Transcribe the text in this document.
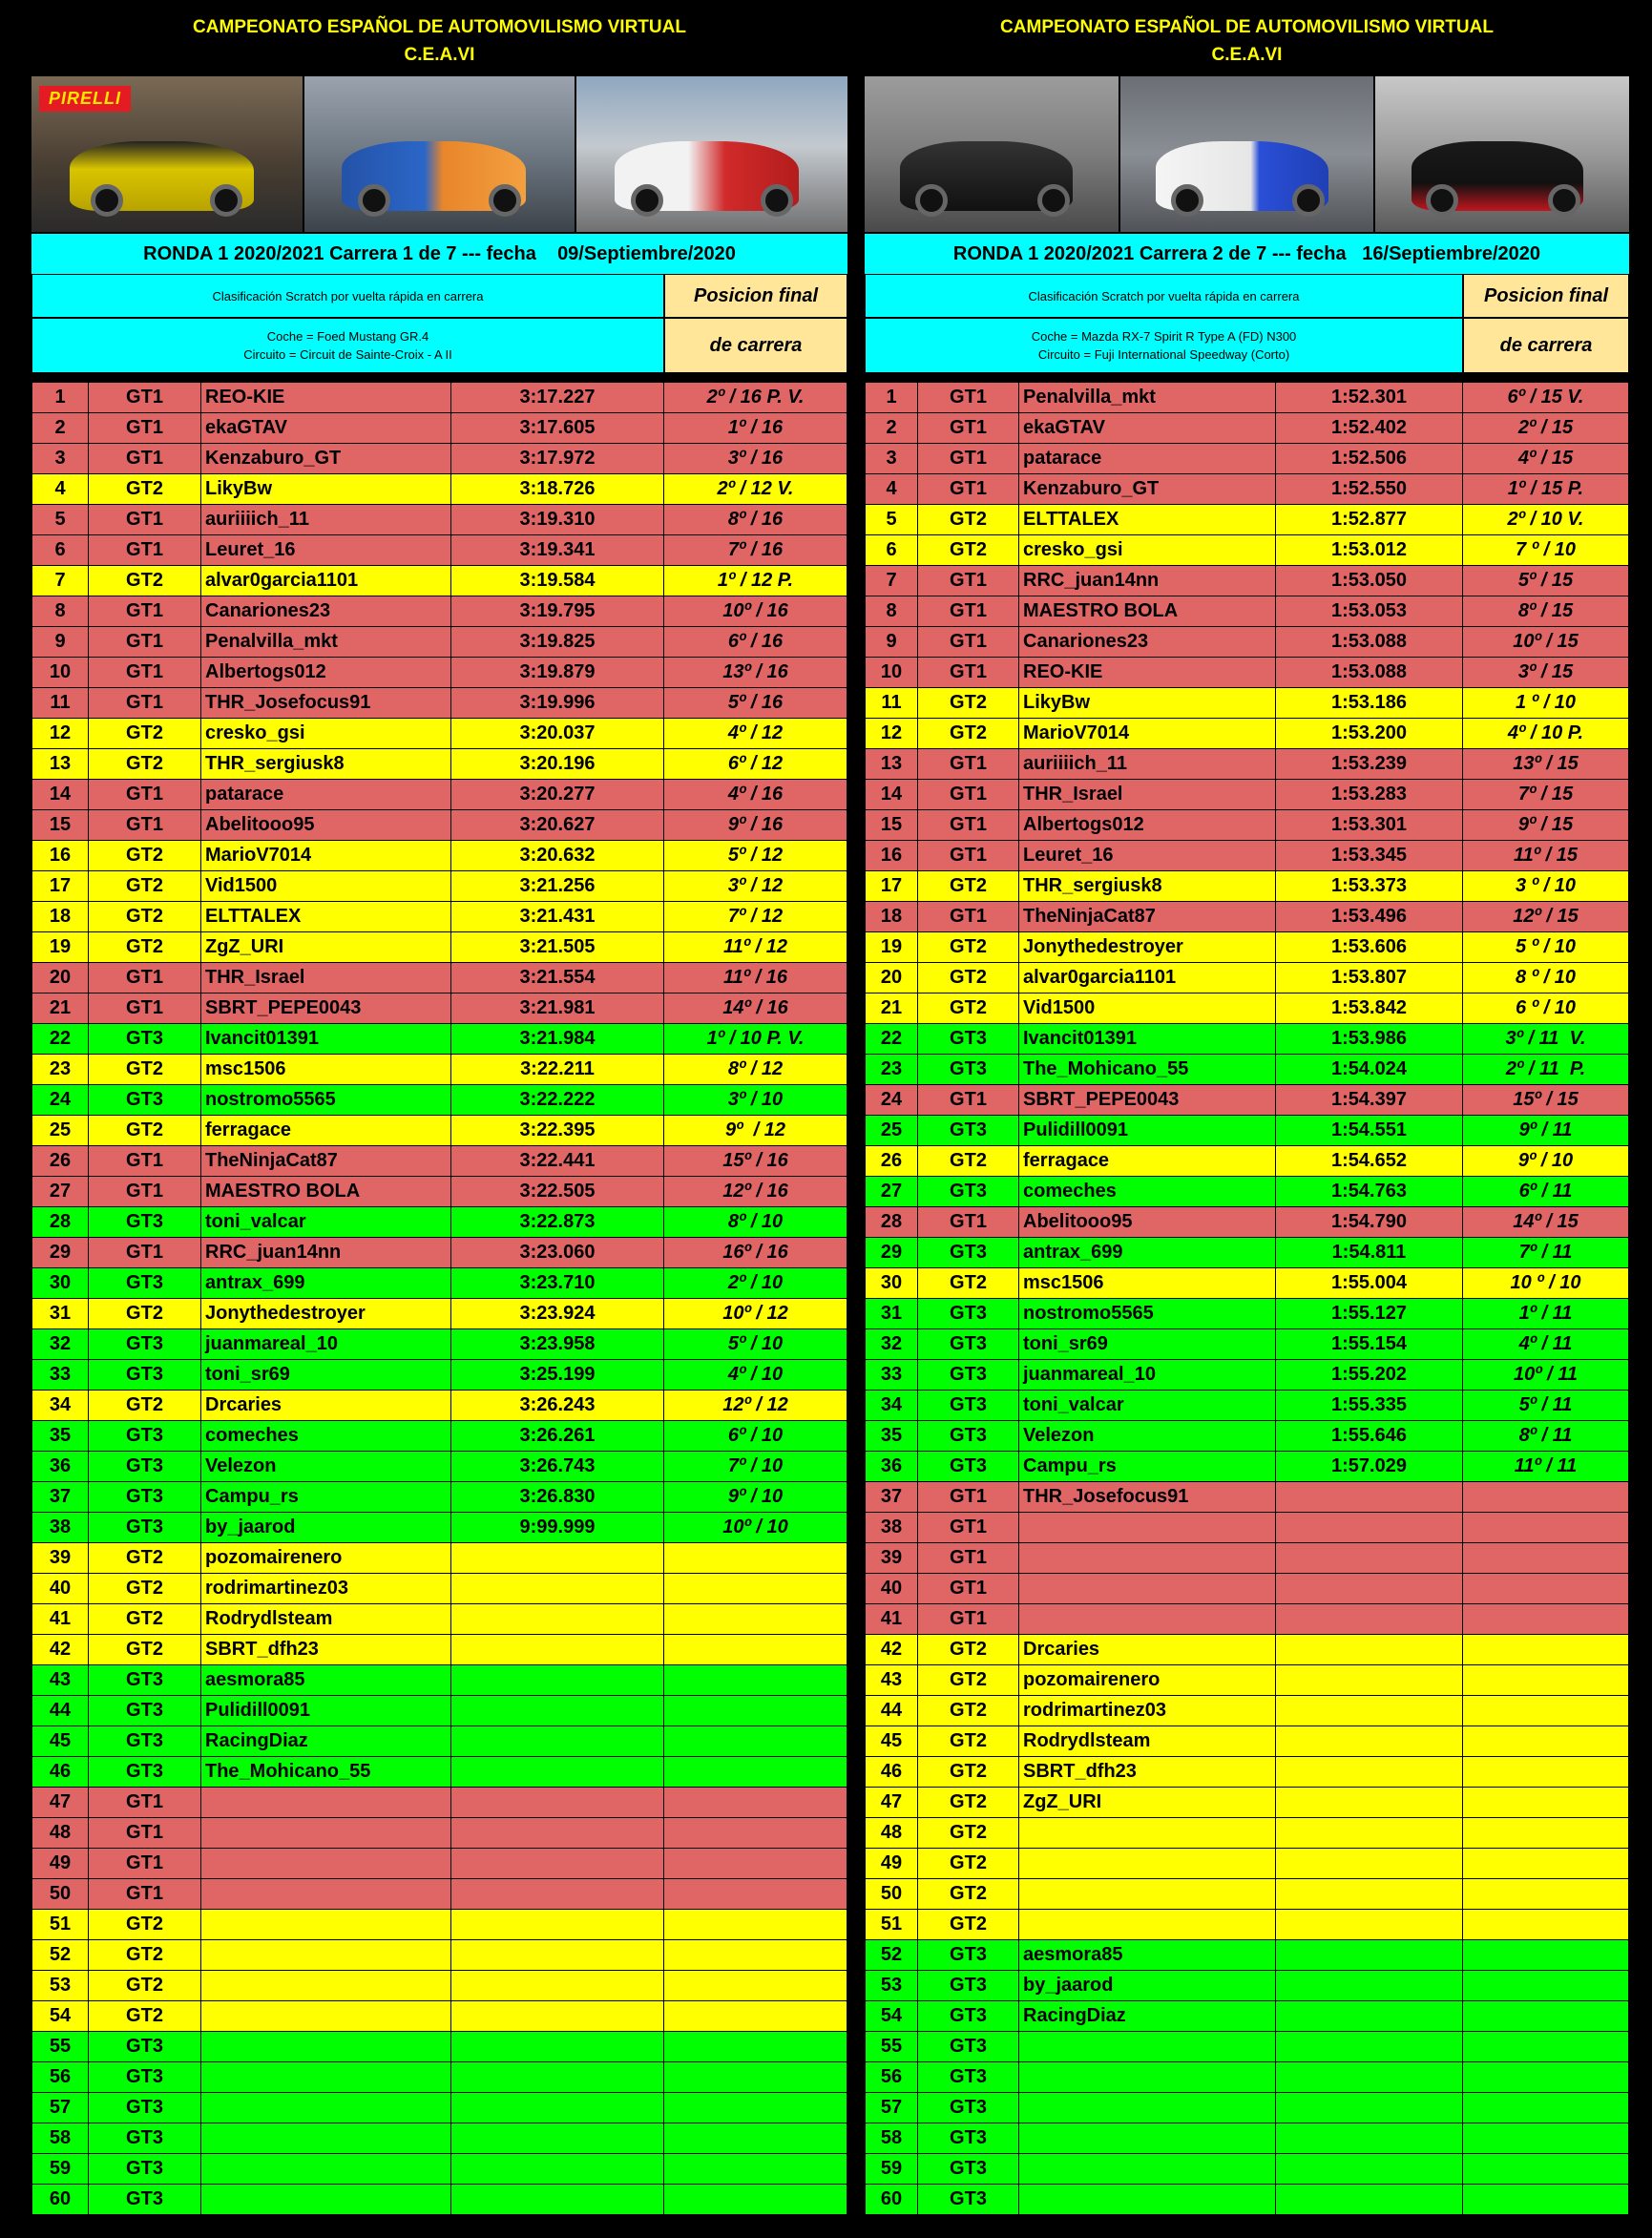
CAMPEONATO ESPAÑOL DE AUTOMOVILISMO VIRTUAL
C.E.A.VI
PIRELLI
RONDA 1 2020/2021 Carrera 1 de 7 --- fecha    09/Septiembre/2020
Clasificación Scratch por vuelta rápida en carrera
Coche = Foed Mustang GR.4
Circuito = Circuit de Sainte-Croix - A II
Posicion final
de carrera
1	GT1	REO-KIE	3:17.227	2º / 16 P. V.
2	GT1	ekaGTAV	3:17.605	1º / 16
3	GT1	Kenzaburo_GT	3:17.972	3º / 16
4	GT2	LikyBw	3:18.726	2º / 12 V.
5	GT1	auriiiich_11	3:19.310	8º / 16
6	GT1	Leuret_16	3:19.341	7º / 16
7	GT2	alvar0garcia1101	3:19.584	1º / 12 P.
8	GT1	Canariones23	3:19.795	10º / 16
9	GT1	Penalvilla_mkt	3:19.825	6º / 16
10	GT1	Albertogs012	3:19.879	13º / 16
11	GT1	THR_Josefocus91	3:19.996	5º / 16
12	GT2	cresko_gsi	3:20.037	4º / 12
13	GT2	THR_sergiusk8	3:20.196	6º / 12
14	GT1	patarace	3:20.277	4º / 16
15	GT1	Abelitooo95	3:20.627	9º / 16
16	GT2	MarioV7014	3:20.632	5º / 12
17	GT2	Vid1500	3:21.256	3º / 12
18	GT2	ELTTALEX	3:21.431	7º / 12
19	GT2	ZgZ_URI	3:21.505	11º / 12
20	GT1	THR_Israel	3:21.554	11º / 16
21	GT1	SBRT_PEPE0043	3:21.981	14º / 16
22	GT3	Ivancit01391	3:21.984	1º / 10 P. V.
23	GT2	msc1506	3:22.211	8º / 12
24	GT3	nostromo5565	3:22.222	3º / 10
25	GT2	ferragace	3:22.395	9º  / 12
26	GT1	TheNinjaCat87	3:22.441	15º / 16
27	GT1	MAESTRO BOLA	3:22.505	12º / 16
28	GT3	toni_valcar	3:22.873	8º / 10
29	GT1	RRC_juan14nn	3:23.060	16º / 16
30	GT3	antrax_699	3:23.710	2º / 10
31	GT2	Jonythedestroyer	3:23.924	10º / 12
32	GT3	juanmareal_10	3:23.958	5º / 10
33	GT3	toni_sr69	3:25.199	4º / 10
34	GT2	Drcaries	3:26.243	12º / 12
35	GT3	comeches	3:26.261	6º / 10
36	GT3	Velezon	3:26.743	7º / 10
37	GT3	Campu_rs	3:26.830	9º / 10
38	GT3	by_jaarod	9:99.999	10º / 10
39	GT2	pozomairenero
40	GT2	rodrimartinez03
41	GT2	Rodrydlsteam
42	GT2	SBRT_dfh23
43	GT3	aesmora85
44	GT3	Pulidill0091
45	GT3	RacingDiaz
46	GT3	The_Mohicano_55
47	GT1
48	GT1
49	GT1
50	GT1
51	GT2
52	GT2
53	GT2
54	GT2
55	GT3
56	GT3
57	GT3
58	GT3
59	GT3
60	GT3
CAMPEONATO ESPAÑOL DE AUTOMOVILISMO VIRTUAL
C.E.A.VI
RONDA 1 2020/2021 Carrera 2 de 7 --- fecha   16/Septiembre/2020
Clasificación Scratch por vuelta rápida en carrera
Coche = Mazda RX-7 Spirit R Type A (FD) N300
Circuito = Fuji International Speedway (Corto)
Posicion final
de carrera
1	GT1	Penalvilla_mkt	1:52.301	6º / 15 V.
2	GT1	ekaGTAV	1:52.402	2º / 15
3	GT1	patarace	1:52.506	4º / 15
4	GT1	Kenzaburo_GT	1:52.550	1º / 15 P.
5	GT2	ELTTALEX	1:52.877	2º / 10 V.
6	GT2	cresko_gsi	1:53.012	7 º / 10
7	GT1	RRC_juan14nn	1:53.050	5º / 15
8	GT1	MAESTRO BOLA	1:53.053	8º / 15
9	GT1	Canariones23	1:53.088	10º / 15
10	GT1	REO-KIE	1:53.088	3º / 15
11	GT2	LikyBw	1:53.186	1 º / 10
12	GT2	MarioV7014	1:53.200	4º / 10 P.
13	GT1	auriiiich_11	1:53.239	13º / 15
14	GT1	THR_Israel	1:53.283	7º / 15
15	GT1	Albertogs012	1:53.301	9º / 15
16	GT1	Leuret_16	1:53.345	11º / 15
17	GT2	THR_sergiusk8	1:53.373	3 º / 10
18	GT1	TheNinjaCat87	1:53.496	12º / 15
19	GT2	Jonythedestroyer	1:53.606	5 º / 10
20	GT2	alvar0garcia1101	1:53.807	8 º / 10
21	GT2	Vid1500	1:53.842	6 º / 10
22	GT3	Ivancit01391	1:53.986	3º / 11  V.
23	GT3	The_Mohicano_55	1:54.024	2º / 11  P.
24	GT1	SBRT_PEPE0043	1:54.397	15º / 15
25	GT3	Pulidill0091	1:54.551	9º / 11
26	GT2	ferragace	1:54.652	9º / 10
27	GT3	comeches	1:54.763	6º / 11
28	GT1	Abelitooo95	1:54.790	14º / 15
29	GT3	antrax_699	1:54.811	7º / 11
30	GT2	msc1506	1:55.004	10 º / 10
31	GT3	nostromo5565	1:55.127	1º / 11
32	GT3	toni_sr69	1:55.154	4º / 11
33	GT3	juanmareal_10	1:55.202	10º / 11
34	GT3	toni_valcar	1:55.335	5º / 11
35	GT3	Velezon	1:55.646	8º / 11
36	GT3	Campu_rs	1:57.029	11º / 11
37	GT1	THR_Josefocus91
38	GT1
39	GT1
40	GT1
41	GT1
42	GT2	Drcaries
43	GT2	pozomairenero
44	GT2	rodrimartinez03
45	GT2	Rodrydlsteam
46	GT2	SBRT_dfh23
47	GT2	ZgZ_URI
48	GT2
49	GT2
50	GT2
51	GT2
52	GT3	aesmora85
53	GT3	by_jaarod
54	GT3	RacingDiaz
55	GT3
56	GT3
57	GT3
58	GT3
59	GT3
60	GT3
